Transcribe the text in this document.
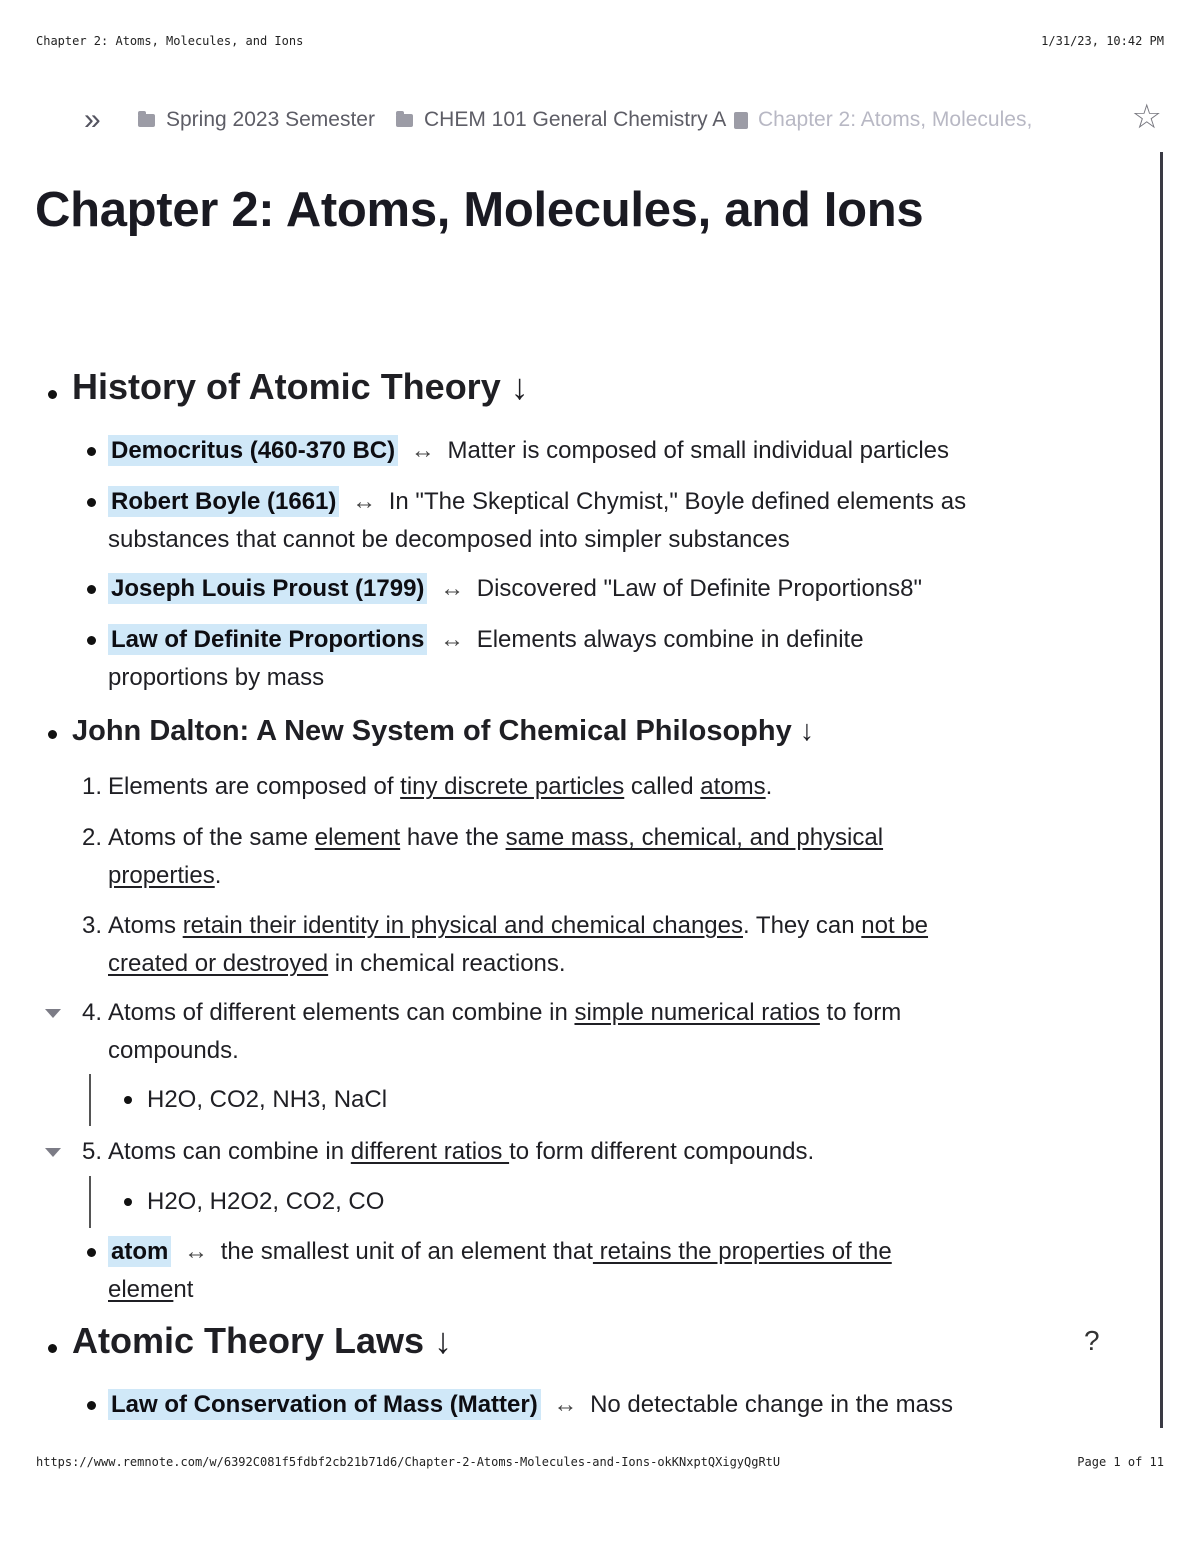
Chapter 2: Atoms, Molecules, and Ions	1/31/23, 10:42 PM
»	Spring 2023 Semester	CHEM 101 General Chemistry A Chapter 2: Atoms, Molecules,	☆
Chapter 2: Atoms, Molecules, and Ions
History of Atomic Theory ↓
Democritus (460-370 BC) ↔ Matter is composed of small individual particles
Robert Boyle (1661) ↔ In "The Skeptical Chymist," Boyle defined elements as
substances that cannot be decomposed into simpler substances
Joseph Louis Proust (1799) ↔ Discovered "Law of Definite Proportions8"
Law of Definite Proportions ↔ Elements always combine in definite
proportions by mass
John Dalton: A New System of Chemical Philosophy ↓
1. Elements are composed of tiny discrete particles called atoms.
2. Atoms of the same element have the same mass, chemical, and physical
properties.
3. Atoms retain their identity in physical and chemical changes. They can not be
created or destroyed in chemical reactions.
4. Atoms of different elements can combine in simple numerical ratios to form
compounds.
H2O, CO2, NH3, NaCl
5. Atoms can combine in different ratios to form different compounds.
H2O, H2O2, CO2, CO
atom ↔ the smallest unit of an element that retains the properties of the
element
Atomic Theory Laws ↓	?
Law of Conservation of Mass (Matter) ↔ No detectable change in the mass
https://www.remnote.com/w/6392C081f5fdbf2cb21b71d6/Chapter-2-Atoms-Molecules-and-Ions-okKNxptQXigyQgRtU	Page 1 of 11
